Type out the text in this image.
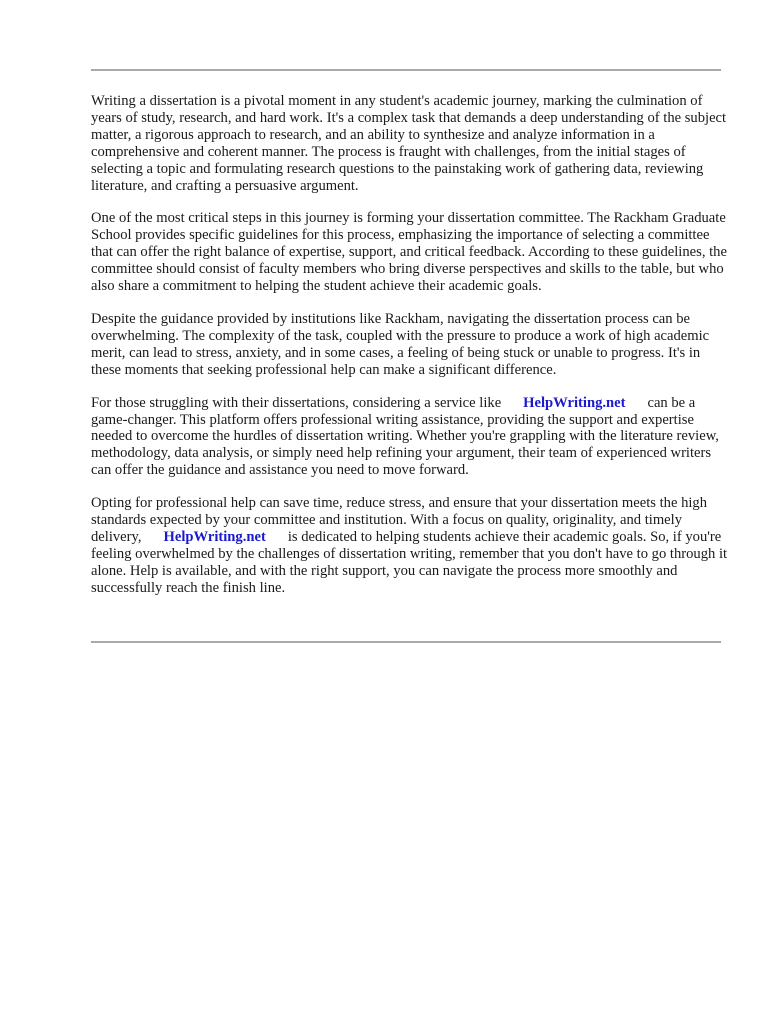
Writing a dissertation is a pivotal moment in any student's academic journey, marking the culmination of years of study, research, and hard work. It's a complex task that demands a deep understanding of the subject matter, a rigorous approach to research, and an ability to synthesize and analyze information in a comprehensive and coherent manner. The process is fraught with challenges, from the initial stages of selecting a topic and formulating research questions to the painstaking work of gathering data, reviewing literature, and crafting a persuasive argument.

One of the most critical steps in this journey is forming your dissertation committee. The Rackham Graduate School provides specific guidelines for this process, emphasizing the importance of selecting a committee that can offer the right balance of expertise, support, and critical feedback. According to these guidelines, the committee should consist of faculty members who bring diverse perspectives and skills to the table, but who also share a commitment to helping the student achieve their academic goals.

Despite the guidance provided by institutions like Rackham, navigating the dissertation process can be overwhelming. The complexity of the task, coupled with the pressure to produce a work of high academic merit, can lead to stress, anxiety, and in some cases, a feeling of being stuck or unable to progress. It's in these moments that seeking professional help can make a significant difference.

For those struggling with their dissertations, considering a service like HelpWriting.net can be a game-changer. This platform offers professional writing assistance, providing the support and expertise needed to overcome the hurdles of dissertation writing. Whether you're grappling with the literature review, methodology, data analysis, or simply need help refining your argument, their team of experienced writers can offer the guidance and assistance you need to move forward.

Opting for professional help can save time, reduce stress, and ensure that your dissertation meets the high standards expected by your committee and institution. With a focus on quality, originality, and timely delivery, HelpWriting.net is dedicated to helping students achieve their academic goals. So, if you're feeling overwhelmed by the challenges of dissertation writing, remember that you don't have to go through it alone. Help is available, and with the right support, you can navigate the process more smoothly and successfully reach the finish line.
